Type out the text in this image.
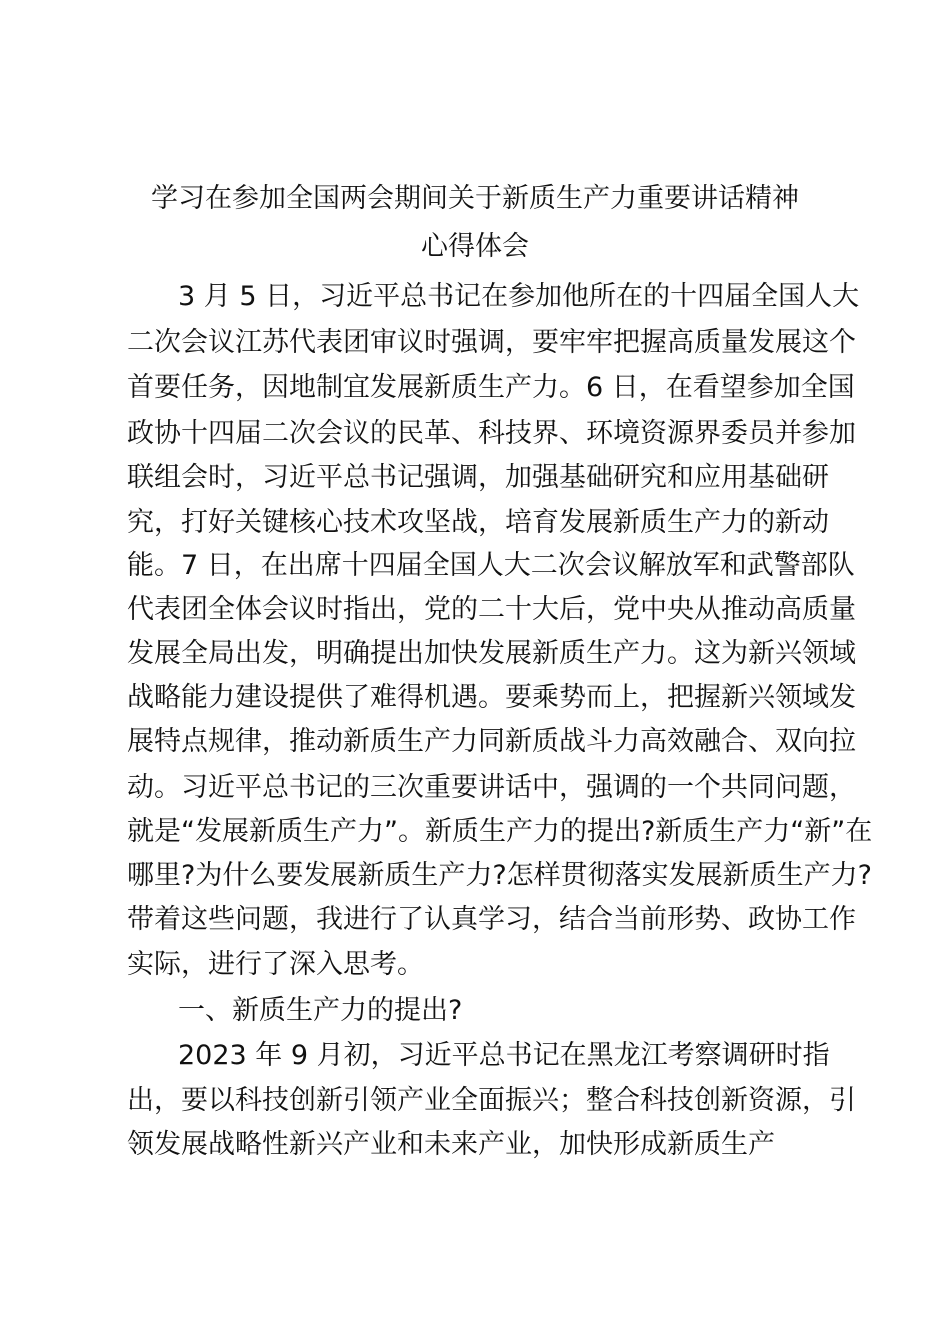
学习在参加全国两会期间关于新质生产力重要讲话精神
心得体会
3 月 5 日，习近平总书记在参加他所在的十四届全国人大
二次会议江苏代表团审议时强调，要牢牢把握高质量发展这个
首要任务，因地制宜发展新质生产力。6 日，在看望参加全国
政协十四届二次会议的民革、科技界、环境资源界委员并参加
联组会时，习近平总书记强调，加强基础研究和应用基础研
究，打好关键核心技术攻坚战，培育发展新质生产力的新动
能。7 日，在出席十四届全国人大二次会议解放军和武警部队
代表团全体会议时指出，党的二十大后，党中央从推动高质量
发展全局出发，明确提出加快发展新质生产力。这为新兴领域
战略能力建设提供了难得机遇。要乘势而上，把握新兴领域发
展特点规律，推动新质生产力同新质战斗力高效融合、双向拉
动。习近平总书记的三次重要讲话中，强调的一个共同问题，
就是“发展新质生产力”。新质生产力的提出?新质生产力“新”在
哪里?为什么要发展新质生产力?怎样贯彻落实发展新质生产力?
带着这些问题，我进行了认真学习，结合当前形势、政协工作
实际，进行了深入思考。
一、新质生产力的提出?
2023 年 9 月初，习近平总书记在黑龙江考察调研时指
出，要以科技创新引领产业全面振兴；整合科技创新资源，引
领发展战略性新兴产业和未来产业，加快形成新质生产
